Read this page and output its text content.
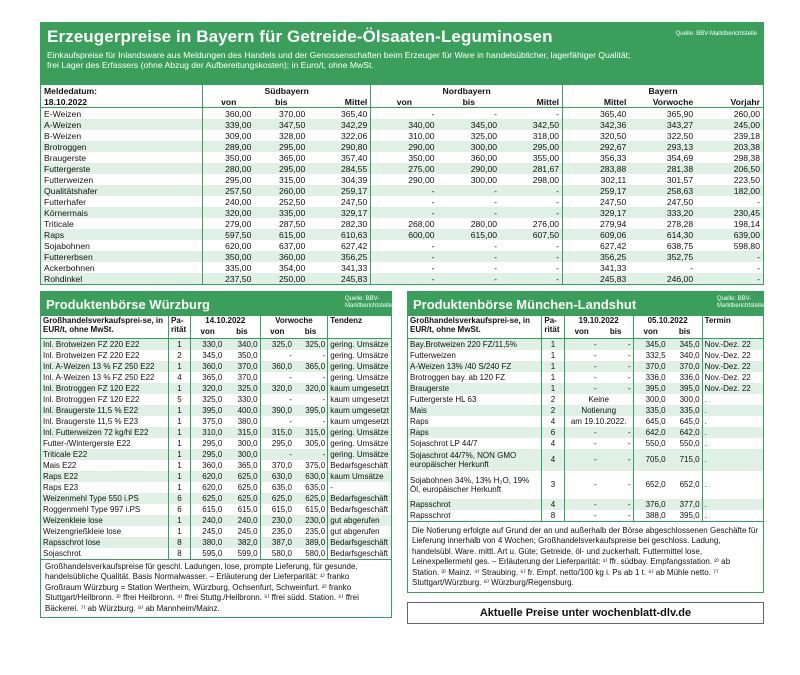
Erzeugerpreise in Bayern für Getreide-Ölsaaten-Leguminosen	Quelle: BBV-Marktberichtstelle
Einkaufspreise für Inlandsware aus Meldungen des Handels und der Genossenschaften beim Erzeuger für Ware in handelsüblicher, lagerfähiger Qualität;
frei Lager des Erfassers (ohne Abzug der Aufbereitungskosten); in Euro/t, ohne MwSt.
Meldedatum:	Südbayern			Nordbayern			Bayern		
18.10.2022	von	bis	Mittel	von	bis	Mittel	Mittel	Vorwoche	Vorjahr
E-Weizen	360,00	370,00	365,40	-	-	-	365,40	365,90	260,00
A-Weizen	339,00	347,50	342,29	340,00	345,00	342,50	342,36	343,27	245,00
B-Weizen	309,00	328,00	322,06	310,00	325,00	318,00	320,50	322,50	239,18
Brotroggen	289,00	295,00	290,80	290,00	300,00	295,00	292,67	293,13	203,38
Braugerste	350,00	365,00	357,40	350,00	360,00	355,00	356,33	354,69	298,38
Futtergerste	280,00	295,00	284,55	275,00	290,00	281,67	283,88	281,38	206,50
Futterweizen	295,00	315,00	304,39	290,00	300,00	298,00	302,11	301,57	223,50
Qualitätshafer	257,50	260,00	259,17	-	-	-	259,17	258,63	182,00
Futterhafer	240,00	252,50	247,50	-	-	-	247,50	247,50	-
Körnermais	320,00	335,00	329,17	-	-	-	329,17	333,20	230,45
Triticale	279,00	287,50	282,30	268,00	280,00	276,00	279,94	278,28	198,14
Raps	597,50	615,00	610,63	600,00	615,00	607,50	609,06	614,30	639,00
Sojabohnen	620,00	637,00	627,42	-	-	-	627,42	638,75	598,80
Futtererbsen	350,00	360,00	356,25	-	-	-	356,25	352,75	-
Ackerbohnen	335,00	354,00	341,33	-	-	-	341,33	-	-
Rohdinkel	237,50	250,00	245,83	-	-	-	245,83	246,00	-
Produktenbörse Würzburg	Quelle: BBV-Marktberichtstelle
Großhandelsverkaufsprei-se, in EUR/t, ohne MwSt.	Pa-rität	14.10.2022		Vorwoche		Tendenz
		von	bis	von	bis	
Inl. Brotweizen FZ 220 E22	1	330,0	340,0	325,0	325,0	gering. Umsätze
Inl. Brotweizen FZ 220 E22	2	345,0	350,0	-	-	gering. Umsätze
Inl. A-Weizen 13 % FZ 250 E22	1	360,0	370,0	360,0	365,0	gering. Umsätze
Inl. A-Weizen 13 % FZ 250 E22	4	365,0	370,0	-	-	gering. Umsätze
Inl. Brotroggen FZ 120 E22	1	320,0	325,0	320,0	320,0	kaum umgesetzt
Inl. Brotroggen FZ 120 E22	5	325,0	330,0	-	-	kaum umgesetzt
Inl. Braugerste 11,5 % E22	1	395,0	400,0	390,0	395,0	kaum umgesetzt
Inl. Braugerste 11,5 % E23	1	375,0	380,0	-	-	kaum umgesetzt
Inl. Futterweizen 72 kg/hl E22	1	310,0	315,0	315,0	315,0	gering. Umsätze
Futter-/Wintergerste E22	1	295,0	300,0	295,0	305,0	gering. Umsätze
Triticale E22	1	295,0	300,0	-	-	gering. Umsätze
Mais E22	1	360,0	365,0	370,0	375,0	Bedarfsgeschäft
Raps E22	1	620,0	625,0	630,0	630,0	kaum Umsätze
Raps E23	1	620,0	625,0	635,0	635,0	-
Weizenmehl Type 550 i.PS	6	625,0	625,0	625,0	625,0	Bedarfsgeschäft
Roggenmehl Type 997 i.PS	6	615,0	615,0	615,0	615,0	Bedarfsgeschäft
Weizenkleie lose	1	240,0	240,0	230,0	230,0	gut abgerufen
Weizengrießkleie lose	1	245,0	245,0	235,0	235,0	gut abgerufen
Rapsschrot lose	8	380,0	382,0	387,0	389,0	Bedarfsgeschäft
Sojaschrot	8	595,0	599,0	580,0	580,0	Bedarfsgeschäft
Großhandelsverkaufspreise für geschl. Ladungen, lose, prompte Lieferung, für gesunde, handelsübliche Qualität. Basis Normalwasser. – Erläuterung der Lieferparität: ¹⁾ franko Großraum Würzburg = Station Wertheim, Würzburg, Ochsenfurt, Schweinfurt. ²⁾ franko Stuttgart/Heilbronn. ³⁾ ffrei Heilbronn. ⁴⁾ ffrei Stuttg./Heilbronn. ⁵⁾ ffrei südd. Station. ⁶⁾ ffrei Bäckerei. ⁷⁾ ab Würzburg. ⁸⁾ ab Mannheim/Mainz.
Produktenbörse München-Landshut	Quelle: BBV-Marktberichtstelle
Großhandelsverkaufsprei-se, in EUR/t, ohne MwSt.	Pa-rität	19.10.2022		05.10.2022		Termin
		von	bis	von	bis	
Bay.Brotweizen 220 FZ/11,5%	1	-	-	345,0	345,0	Nov.-Dez. 22
Futterweizen	1	-	-	332,5	340,0	Nov.-Dez. 22
A-Weizen 13% /40 S/240 FZ	1	-	-	370,0	370,0	Nov.-Dez. 22
Brotroggen bay. ab 120 FZ	1	-	-	336,0	336,0	Nov.-Dez. 22
Braugerste	1	-	-	395,0	395,0	Nov.-Dez. 22
Futtergerste HL 63	2	Keine		300,0	300,0	.
Mais	2	Notierung		335,0	335,0	.
Raps	4	am 19.10.2022.		645,0	645,0	.
Raps	6	-	-	642,0	642,0	.
Sojaschrot LP 44/7	4	-	-	550,0	550,0	.
Sojaschrot 44/7%, NON GMO europäischer Herkunft	4	-	-	705,0	715,0	.
Sojabohnen 34%, 13% H₂O, 19% Öl, europäischer Herkunft	3	-	-	652,0	652,0	.
Rapsschrot	4	-	-	376,0	377,0	.
Rapsschrot	8	-	-	388,0	395,0	.
Die Notierung erfolgte auf Grund der an und außerhalb der Börse abgeschlossenen Geschäfte für Lieferung innerhalb von 4 Wochen; Großhandelsverkaufspreise bei geschloss. Ladung, handelsübl. Ware. mittl. Art u. Güte; Getreide, öl- und zuckerhalt. Futtermittel lose, Leinexpellermehl ges. – Erläuterung der Lieferparität: ¹⁾ ffr. südbay. Empfangsstation. ²⁾ ab Station. ³⁾ Mainz. ⁴⁾ Straubing. ⁵⁾ fr. Empf. netto/100 kg i. Ps ab 1 t. ⁶⁾ ab Mühle netto. ⁷⁾ Stuttgart/Würzburg. ⁸⁾ Würzburg/Regensburg.
Aktuelle Preise unter wochenblatt-dlv.de
